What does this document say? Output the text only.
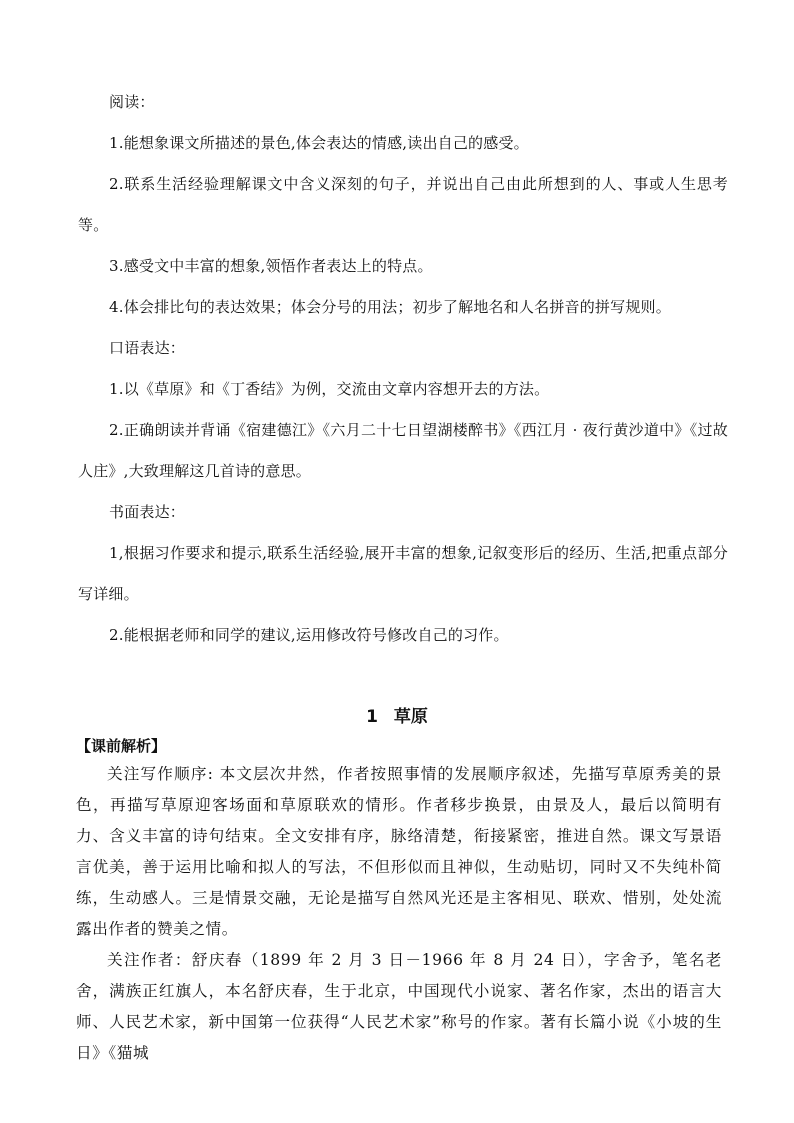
阅读：

1.能想象课文所描述的景色,体会表达的情感,读出自己的感受。

2.联系生活经验理解课文中含义深刻的句子，并说出自己由此所想到的人、事或人生思考等。

3.感受文中丰富的想象,领悟作者表达上的特点。

4.体会排比句的表达效果；体会分号的用法；初步了解地名和人名拼音的拼写规则。

口语表达：

1.以《草原》和《丁香结》为例，交流由文章内容想开去的方法。

2.正确朗读并背诵《宿建德江》《六月二十七日望湖楼醉书》《西江月 · 夜行黄沙道中》《过故人庄》,大致理解这几首诗的意思。

书面表达：

1,根据习作要求和提示,联系生活经验,展开丰富的想象,记叙变形后的经历、生活,把重点部分写详细。

2.能根据老师和同学的建议,运用修改符号修改自己的习作。

1 草原

【课前解析】

关注写作顺序: 本文层次井然，作者按照事情的发展顺序叙述，先描写草原秀美的景色，再描写草原迎客场面和草原联欢的情形。作者移步换景，由景及人，最后以简明有力、含义丰富的诗句结束。全文安排有序，脉络清楚，衔接紧密，推进自然。课文写景语言优美，善于运用比喻和拟人的写法，不但形似而且神似，生动贴切，同时又不失纯朴简练，生动感人。三是情景交融，无论是描写自然风光还是主客相见、联欢、惜别，处处流露出作者的赞美之情。

关注作者：舒庆春（1899 年 2 月 3 日－1966 年 8 月 24 日），字舍予，笔名老舍，满族正红旗人，本名舒庆春，生于北京，中国现代小说家、著名作家，杰出的语言大师、人民艺术家，新中国第一位获得“人民艺术家”称号的作家。著有长篇小说《小坡的生日》《猫城
